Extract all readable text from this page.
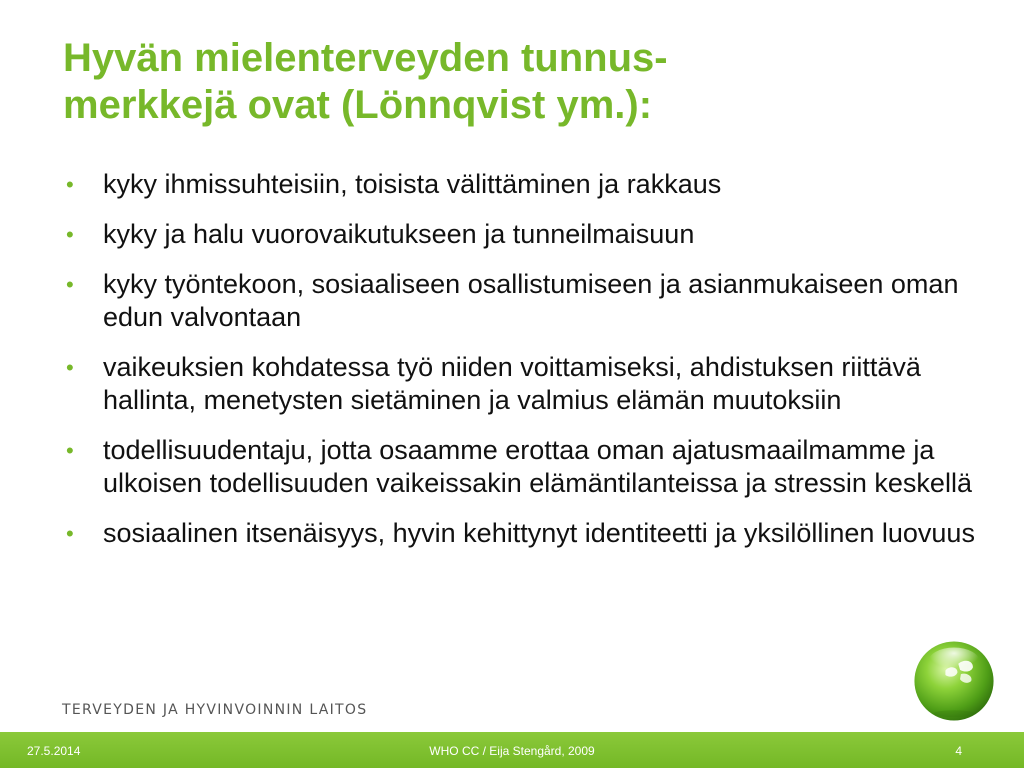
Hyvän mielenterveyden tunnus-
merkkejä ovat (Lönnqvist ym.):
• kyky ihmissuhteisiin, toisista välittäminen ja rakkaus
• kyky ja halu vuorovaikutukseen ja tunneilmaisuun
• kyky työntekoon, sosiaaliseen osallistumiseen ja asianmukaiseen oman edun valvontaan
• vaikeuksien kohdatessa työ niiden voittamiseksi, ahdistuksen riittävä hallinta, menetysten sietäminen ja valmius elämän muutoksiin
• todellisuudentaju, jotta osaamme erottaa oman ajatusmaailmamme ja ulkoisen todellisuuden vaikeissakin elämäntilanteissa ja stressin keskellä
• sosiaalinen itsenäisyys, hyvin kehittynyt identiteetti ja yksilöllinen luovuus
TERVEYDEN JA HYVINVOINNIN LAITOS
27.5.2014	WHO CC / Eija Stengård, 2009	4
